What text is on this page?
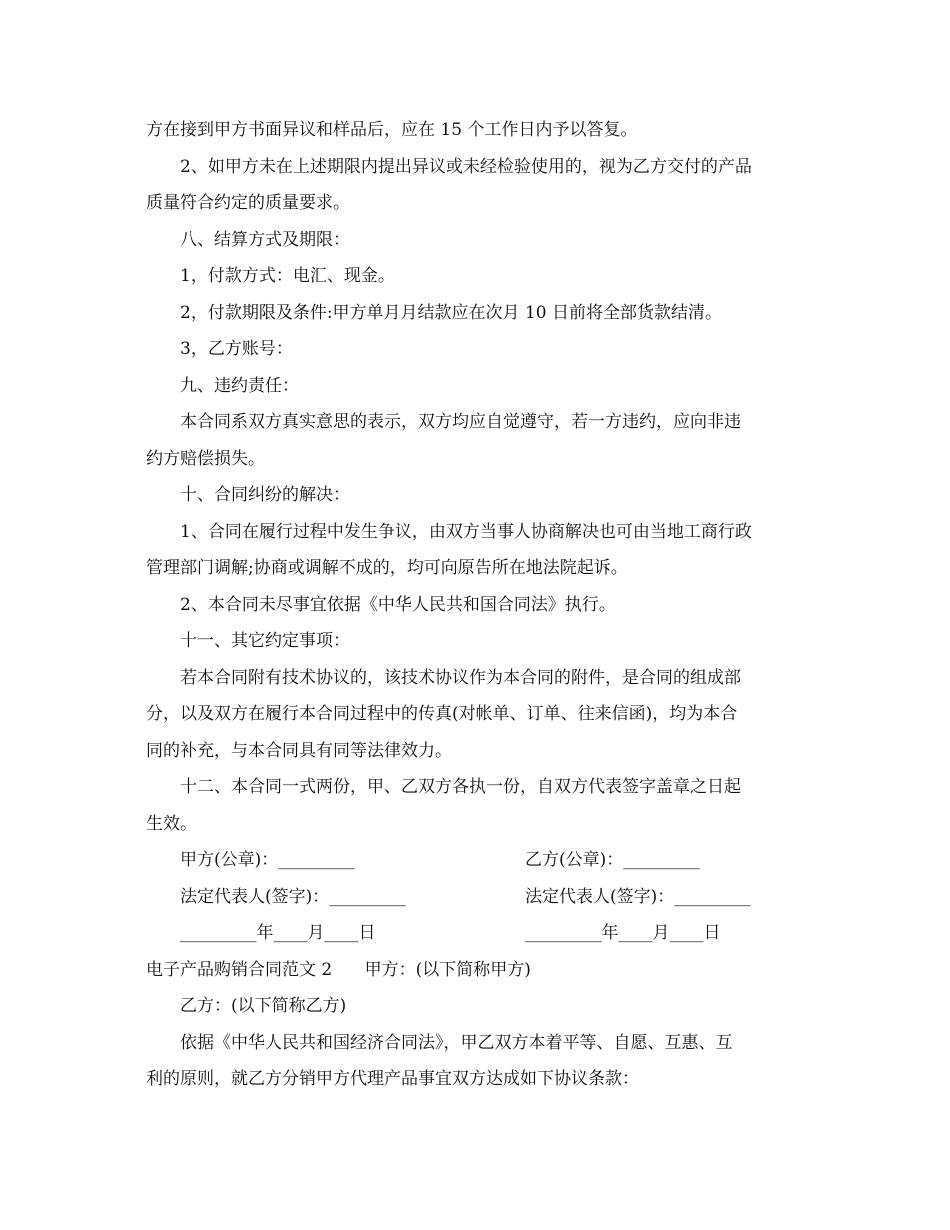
方在接到甲方书面异议和样品后，应在 15 个工作日内予以答复。
2、如甲方未在上述期限内提出异议或未经检验使用的，视为乙方交付的产品
质量符合约定的质量要求。
八、结算方式及期限：
1，付款方式：电汇、现金。
2，付款期限及条件:甲方单月月结款应在次月 10 日前将全部货款结清。
3，乙方账号：
九、违约责任：
本合同系双方真实意思的表示，双方均应自觉遵守，若一方违约，应向非违
约方赔偿损失。
十、合同纠纷的解决：
1、合同在履行过程中发生争议，由双方当事人协商解决也可由当地工商行政
管理部门调解;协商或调解不成的，均可向原告所在地法院起诉。
2、本合同未尽事宜依据《中华人民共和国合同法》执行。
十一、其它约定事项：
若本合同附有技术协议的，该技术协议作为本合同的附件，是合同的组成部
分，以及双方在履行本合同过程中的传真(对帐单、订单、往来信函)，均为本合
同的补充，与本合同具有同等法律效力。
十二、本合同一式两份，甲、乙双方各执一份，自双方代表签字盖章之日起
生效。
甲方(公章)：_________	乙方(公章)：_________
法定代表人(签字)：_________	法定代表人(签字)：_________
_________年____月____日	_________年____月____日
电子产品购销合同范文 2      甲方：(以下简称甲方)
乙方：(以下简称乙方)
依据《中华人民共和国经济合同法》，甲乙双方本着平等、自愿、互惠、互
利的原则，就乙方分销甲方代理产品事宜双方达成如下协议条款：
